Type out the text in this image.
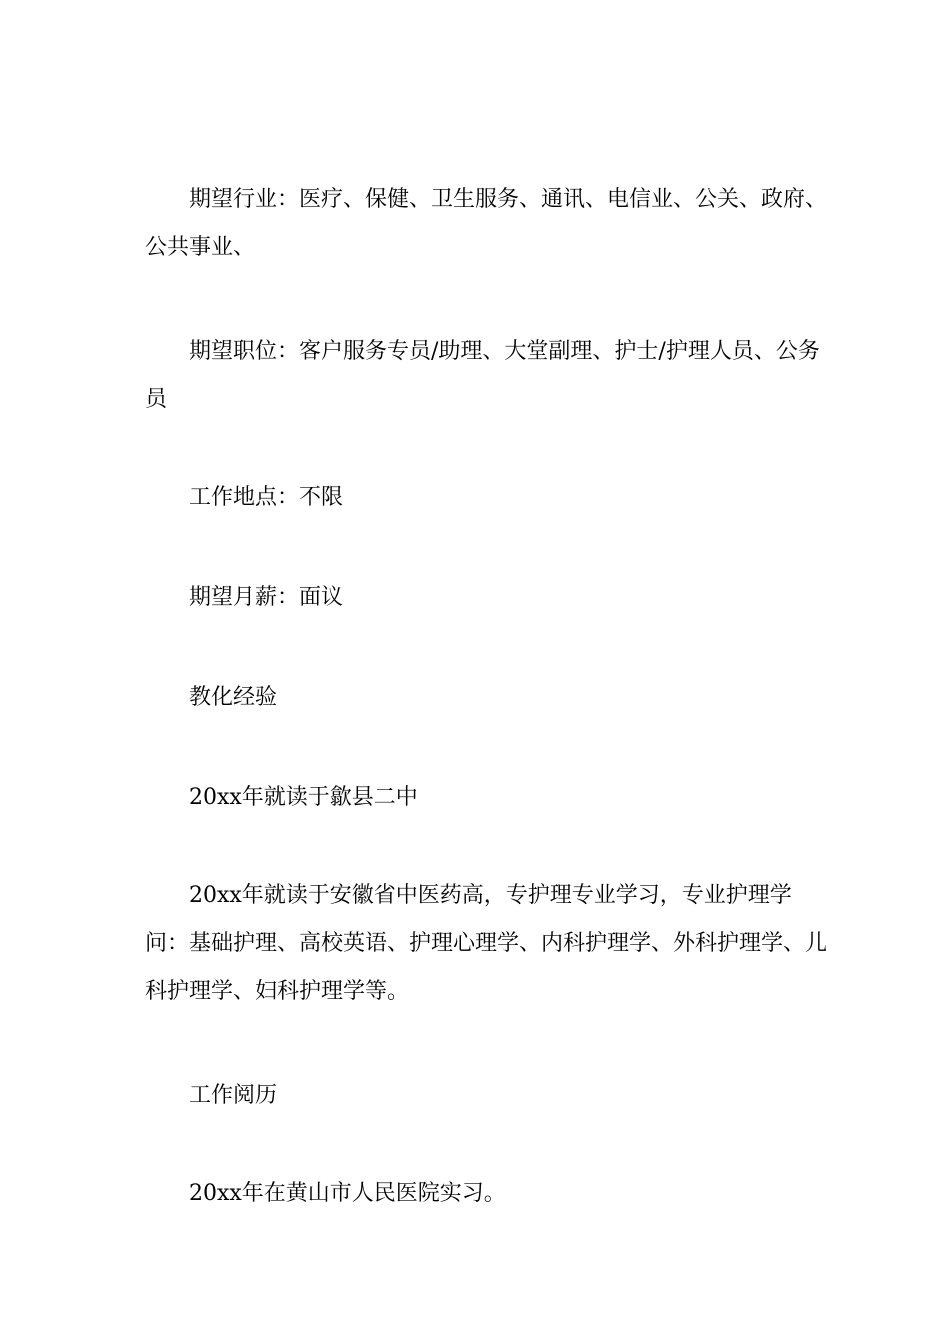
期望行业：医疗、保健、卫生服务、通讯、电信业、公关、政府、公共事业、

期望职位：客户服务专员/助理、大堂副理、护士/护理人员、公务员

工作地点：不限

期望月薪：面议

教化经验

20xx年就读于歙县二中

20xx年就读于安徽省中医药高，专护理专业学习，专业护理学问：基础护理、高校英语、护理心理学、内科护理学、外科护理学、儿科护理学、妇科护理学等。

工作阅历

20xx年在黄山市人民医院实习。
